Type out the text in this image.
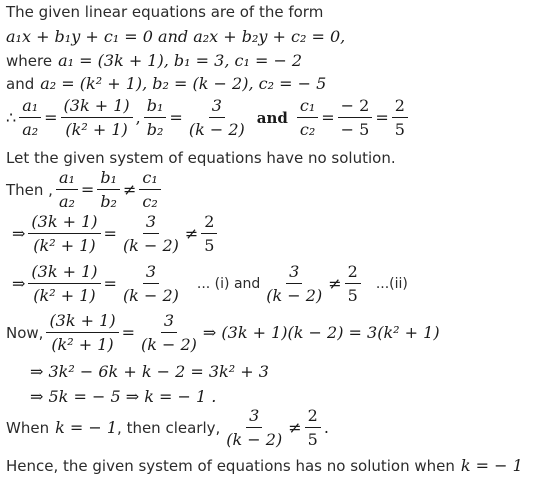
The given linear equations are of the form
a₁x + b₁y + c₁ = 0 and a₂x + b₂y + c₂ = 0,
where a₁ = (3k + 1), b₁ = 3, c₁ = − 2
and a₂ = (k² + 1), b₂ = (k − 2), c₂ = − 5
∴ $\frac{\text{a₁}}{\text{a₂}} = \frac{(3k + 1)}{\text{(k² + 1)}}$ , $\frac{\text{b₁}}{\text{b₂}} = \frac{3}{(k - 2)}$ and $\frac{\text{c₁}}{\text{c₂}} = \frac{- 2}{- 5} = \frac{2}{5}$
Let the given system of equations have no solution.
Then , $\frac{\text{a₁}}{\text{a₂}} = \frac{\text{b₁}}{\text{b₂}} \ne \frac{\text{c₁}}{\text{c₂}}$
⇒ $\frac{(3k + 1)}{\text{(k² + 1)}} = \frac{3}{(k - 2)} \ne \frac{2}{5}$
⇒ $\frac{(3k + 1)}{\text{(k² + 1)}} = \frac{3}{(k - 2)}$ ... (i) and $\frac{3}{(k - 2)} \ne \frac{2}{5} ...(ii)$
Now, $\frac{(3k + 1)}{\text{(k² + 1)}} = \frac{3}{(k - 2)}$ ⇒ (3k + 1)(k − 2) = 3(k² + 1)
⇒ 3k² − 6k + k − 2 = 3k² + 3
⇒ 5k = − 5 ⇒ k = − 1 .
When k = − 1 , then clearly, $\frac{3}{(k - 2)} \ne \frac{2}{5}$ .
Hence, the given system of equations has no solution when k = − 1
